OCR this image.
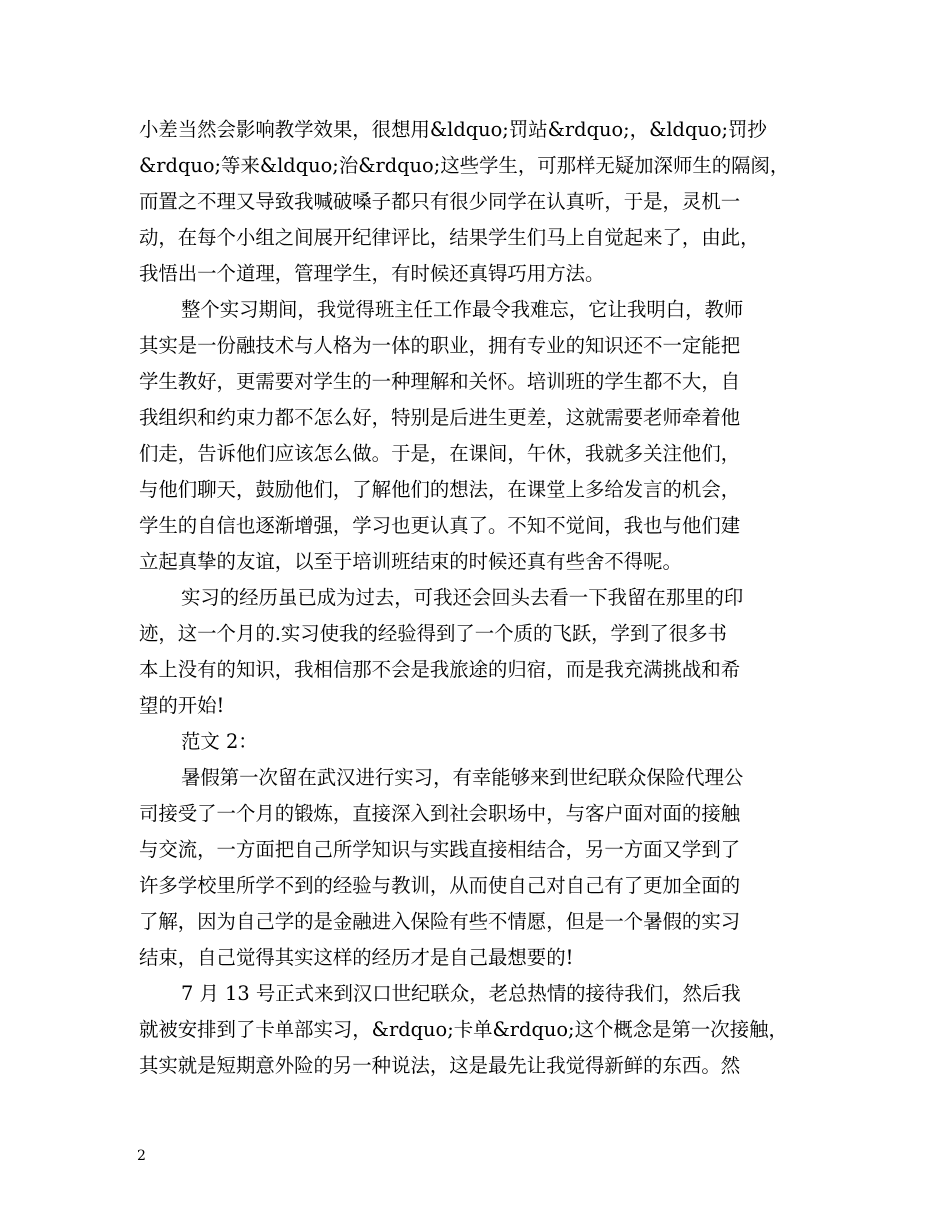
小差当然会影响教学效果，很想用&ldquo;罚站&rdquo;，&ldquo;罚抄
&rdquo;等来&ldquo;治&rdquo;这些学生，可那样无疑加深师生的隔阂，
而置之不理又导致我喊破嗓子都只有很少同学在认真听，于是，灵机一
动，在每个小组之间展开纪律评比，结果学生们马上自觉起来了，由此，
我悟出一个道理，管理学生，有时候还真锝巧用方法。

整个实习期间，我觉得班主任工作最令我难忘，它让我明白，教师
其实是一份融技术与人格为一体的职业，拥有专业的知识还不一定能把
学生教好，更需要对学生的一种理解和关怀。培训班的学生都不大，自
我组织和约束力都不怎么好，特别是后进生更差，这就需要老师牵着他
们走，告诉他们应该怎么做。于是，在课间，午休，我就多关注他们，
与他们聊天，鼓励他们，了解他们的想法，在课堂上多给发言的机会，
学生的自信也逐渐增强，学习也更认真了。不知不觉间，我也与他们建
立起真挚的友谊，以至于培训班结束的时候还真有些舍不得呢。

实习的经历虽已成为过去，可我还会回头去看一下我留在那里的印
迹，这一个月的.实习使我的经验得到了一个质的飞跃，学到了很多书
本上没有的知识，我相信那不会是我旅途的归宿，而是我充满挑战和希
望的开始!

范文 2：

暑假第一次留在武汉进行实习，有幸能够来到世纪联众保险代理公
司接受了一个月的锻炼，直接深入到社会职场中，与客户面对面的接触
与交流，一方面把自己所学知识与实践直接相结合，另一方面又学到了
许多学校里所学不到的经验与教训，从而使自己对自己有了更加全面的
了解，因为自己学的是金融进入保险有些不情愿，但是一个暑假的实习
结束，自己觉得其实这样的经历才是自己最想要的!

7 月 13 号正式来到汉口世纪联众，老总热情的接待我们，然后我
就被安排到了卡单部实习，&rdquo;卡单&rdquo;这个概念是第一次接触，
其实就是短期意外险的另一种说法，这是最先让我觉得新鲜的东西。然

2
